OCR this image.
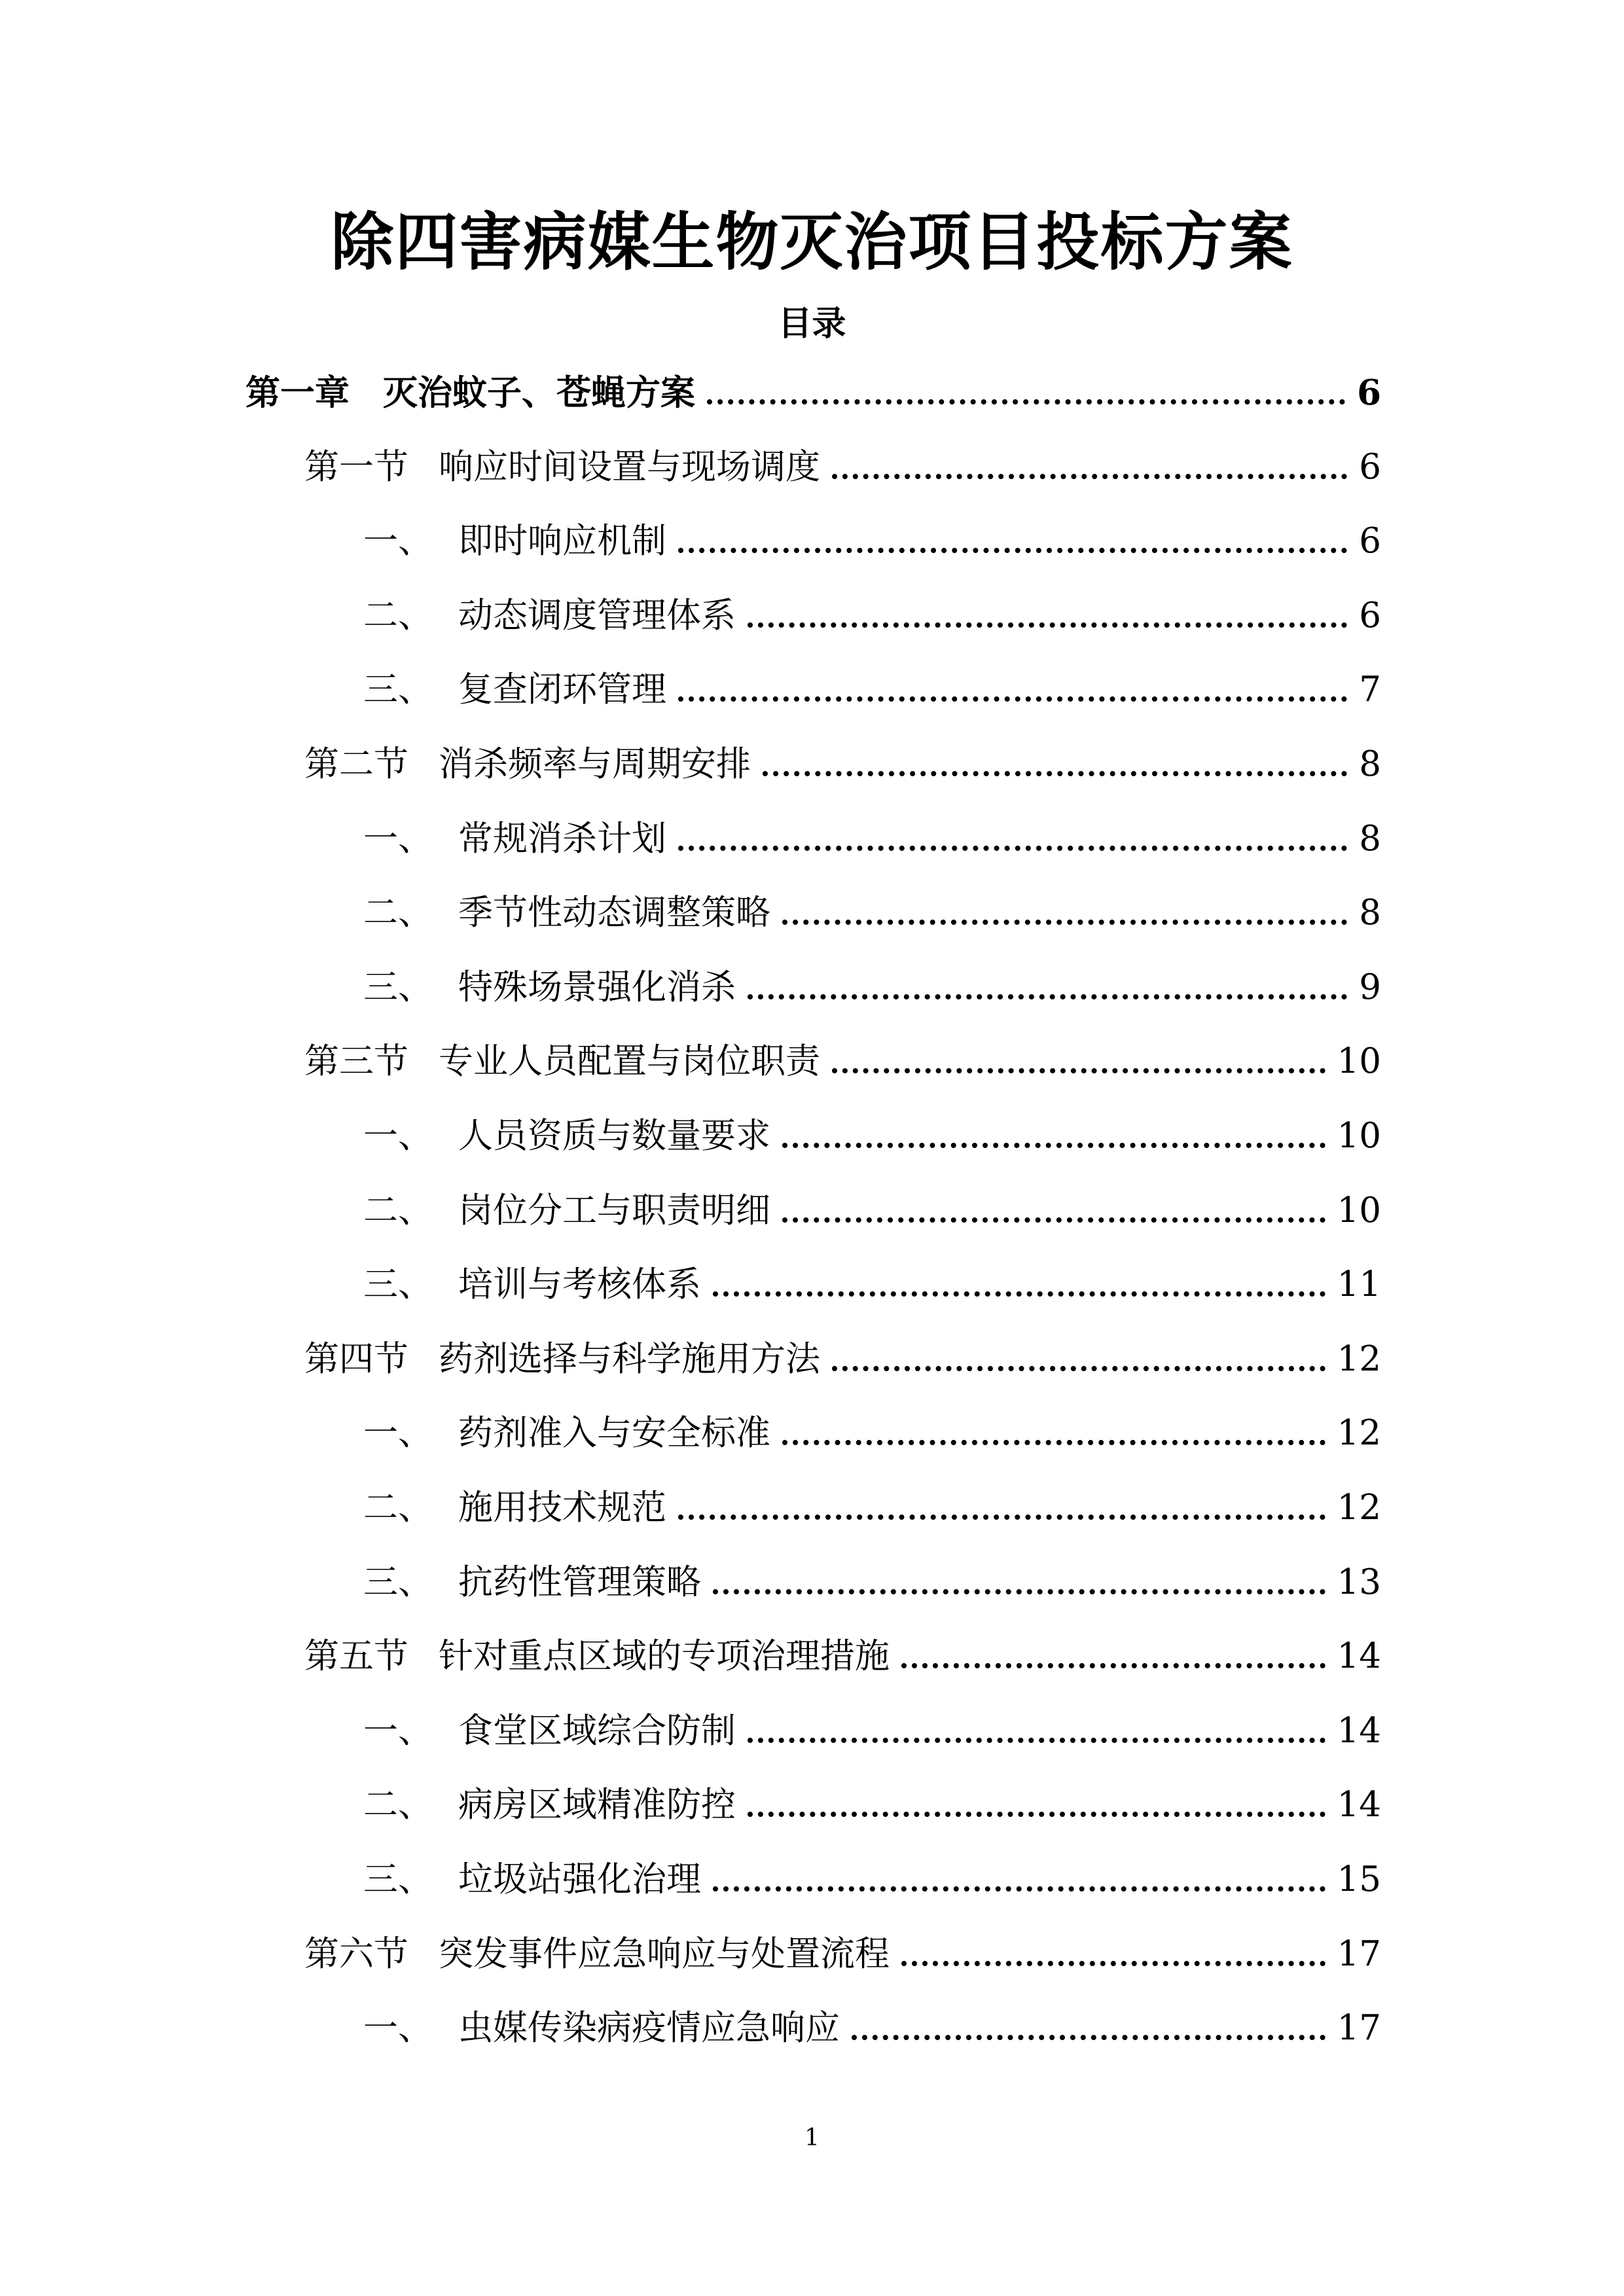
除四害病媒生物灭治项目投标方案
目录
第一章 灭治蚊子、苍蝇方案	6
第一节 响应时间设置与现场调度	6
一、 即时响应机制	6
二、 动态调度管理体系	6
三、 复查闭环管理	7
第二节 消杀频率与周期安排	8
一、 常规消杀计划	8
二、 季节性动态调整策略	8
三、 特殊场景强化消杀	9
第三节 专业人员配置与岗位职责	10
一、 人员资质与数量要求	10
二、 岗位分工与职责明细	10
三、 培训与考核体系	11
第四节 药剂选择与科学施用方法	12
一、 药剂准入与安全标准	12
二、 施用技术规范	12
三、 抗药性管理策略	13
第五节 针对重点区域的专项治理措施	14
一、 食堂区域综合防制	14
二、 病房区域精准防控	14
三、 垃圾站强化治理	15
第六节 突发事件应急响应与处置流程	17
一、 虫媒传染病疫情应急响应	17
1
